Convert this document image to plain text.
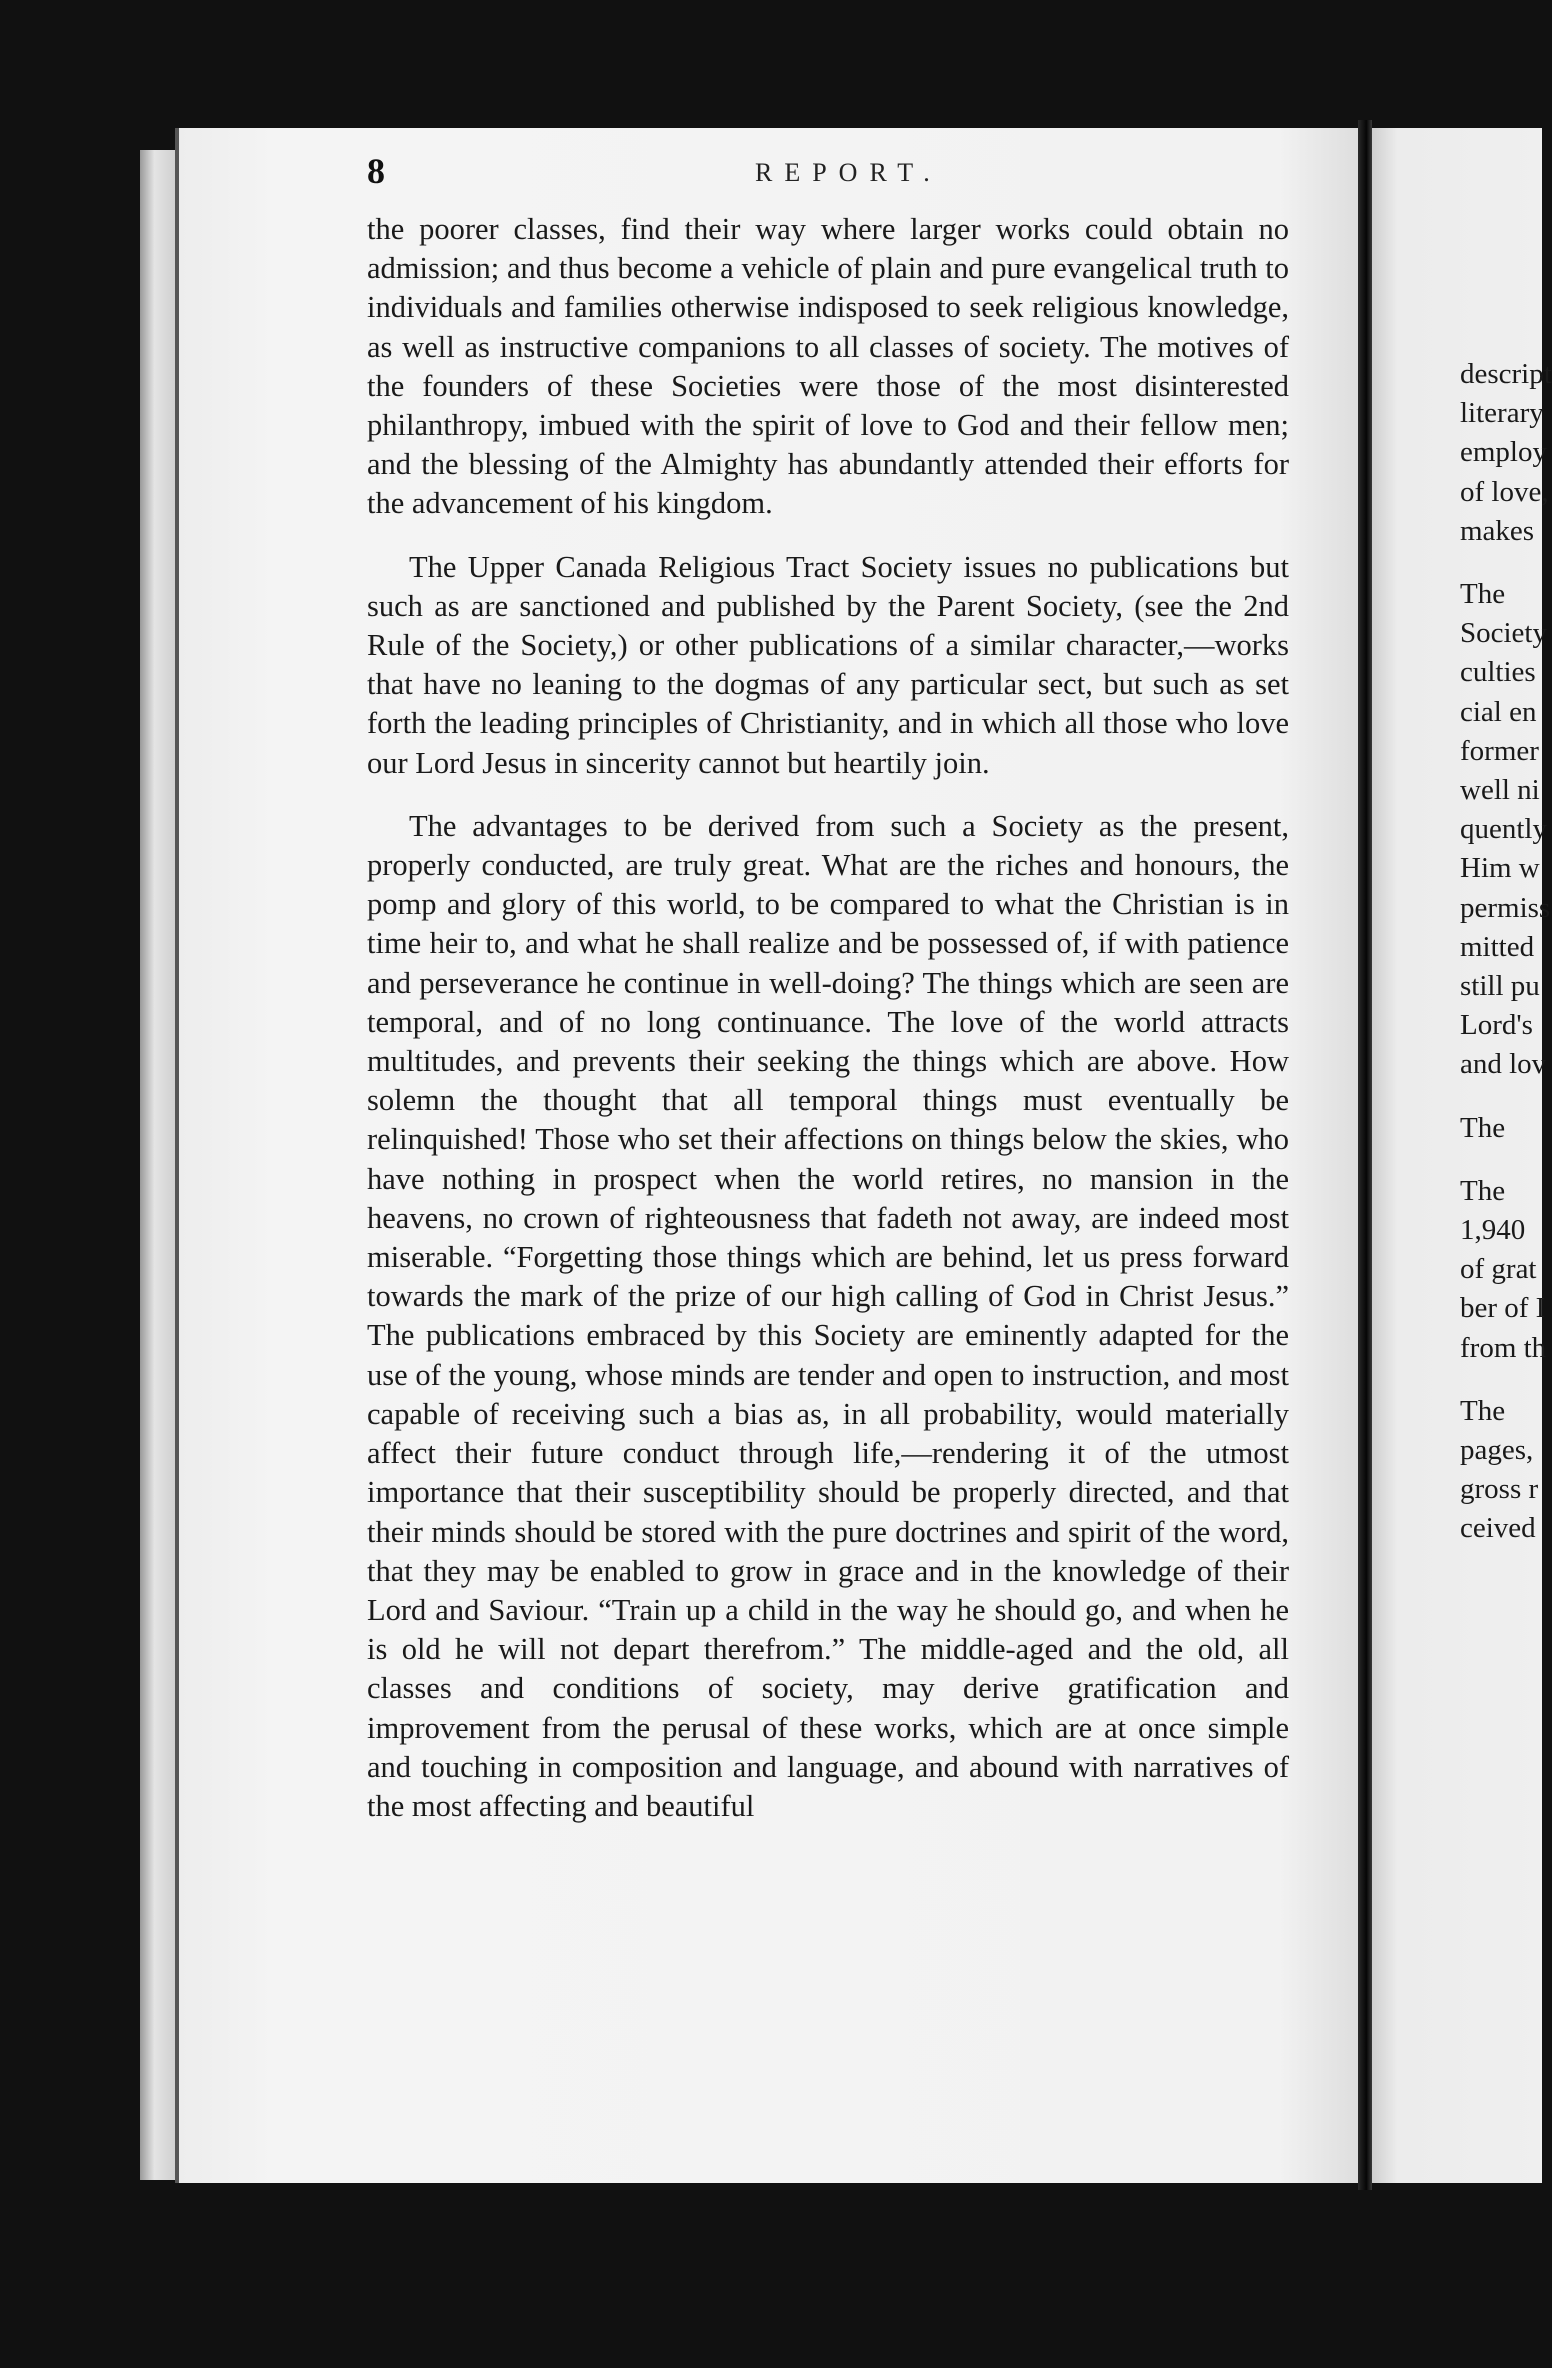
8	REPORT.

the poorer classes, find their way where larger works could obtain no admission; and thus become a vehicle of plain and pure evangelical truth to individuals and families otherwise indisposed to seek religious knowledge, as well as instructive companions to all classes of society. The motives of the founders of these Societies were those of the most disinterested philanthropy, imbued with the spirit of love to God and their fellow men; and the blessing of the Almighty has abundantly attended their efforts for the advancement of his kingdom.

The Upper Canada Religious Tract Society issues no publications but such as are sanctioned and published by the Parent Society, (see the 2nd Rule of the Society,) or other publications of a similar character,—works that have no leaning to the dogmas of any particular sect, but such as set forth the leading principles of Christianity, and in which all those who love our Lord Jesus in sincerity cannot but heartily join.

The advantages to be derived from such a Society as the present, properly conducted, are truly great. What are the riches and honours, the pomp and glory of this world, to be compared to what the Christian is in time heir to, and what he shall realize and be possessed of, if with patience and perseverance he continue in well-doing? The things which are seen are temporal, and of no long continuance. The love of the world attracts multitudes, and prevents their seeking the things which are above. How solemn the thought that all temporal things must eventually be relinquished! Those who set their affections on things below the skies, who have nothing in prospect when the world retires, no mansion in the heavens, no crown of righteousness that fadeth not away, are indeed most miserable. “Forgetting those things which are behind, let us press forward towards the mark of the prize of our high calling of God in Christ Jesus.” The publications embraced by this Society are eminently adapted for the use of the young, whose minds are tender and open to instruction, and most capable of receiving such a bias as, in all probability, would materially affect their future conduct through life,—rendering it of the utmost importance that their susceptibility should be properly directed, and that their minds should be stored with the pure doctrines and spirit of the word, that they may be enabled to grow in grace and in the knowledge of their Lord and Saviour. “Train up a child in the way he should go, and when he is old he will not depart therefrom.” The middle-aged and the old, all classes and conditions of society, may derive gratification and improvement from the perusal of these works, which are at once simple and touching in composition and language, and abound with narratives of the most affecting and beautiful

descript
literary
employ
of love,
makes
The
Society
culties
cial en
former
well ni
quently
Him w
permiss
mitted
still pu
Lord's
and lov
The
The
1,940
of grat
ber of I
from th
The
pages,
gross r
ceived
